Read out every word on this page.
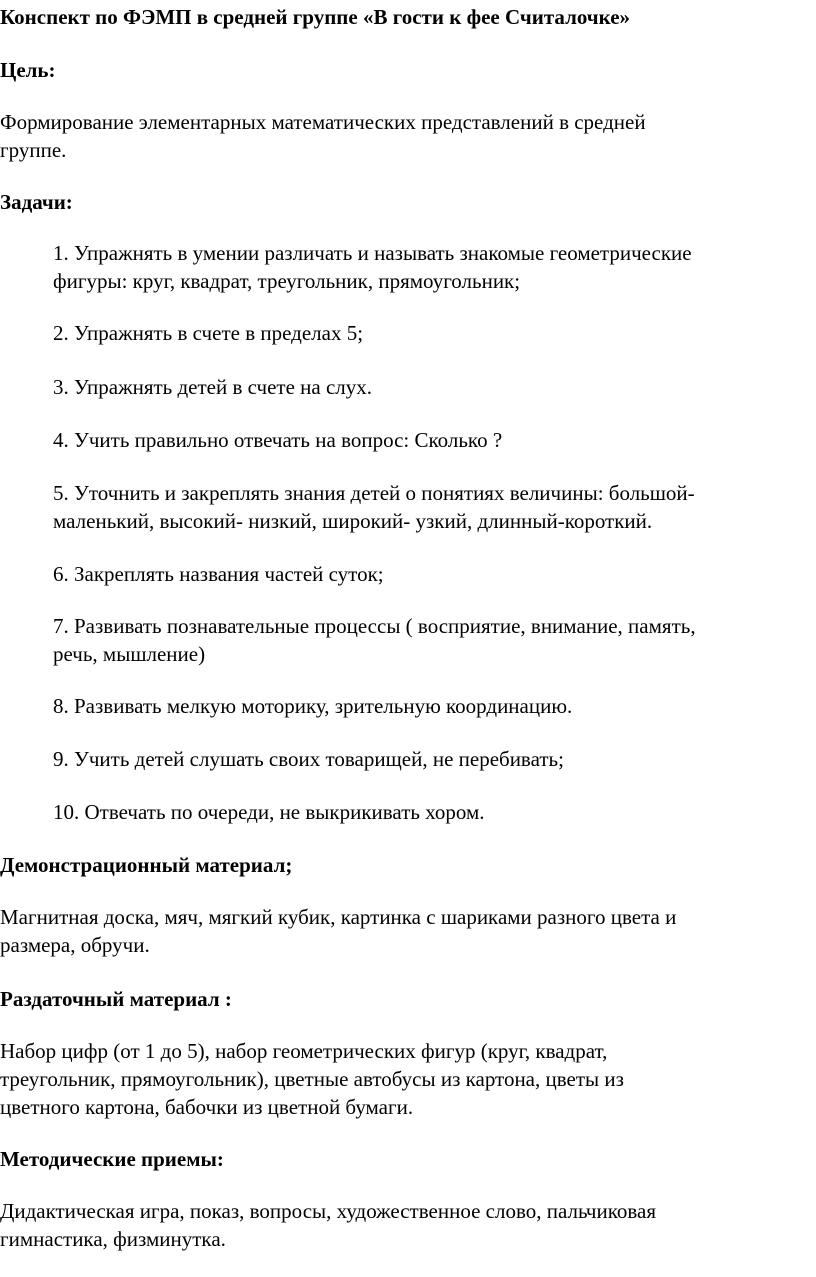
Конспект по ФЭМП в средней группе «В гости к фее Считалочке»
Цель:
Формирование элементарных математических представлений в средней
группе.
Задачи:
1. Упражнять в умении различать и называть знакомые геометрические
фигуры: круг, квадрат, треугольник, прямоугольник;
2. Упражнять в счете в пределах 5;
3. Упражнять детей в счете на слух.
4. Учить правильно отвечать на вопрос: Сколько ?
5. Уточнить и закреплять знания детей о понятиях величины: большой-
маленький, высокий- низкий, широкий- узкий, длинный-короткий.
6. Закреплять названия частей суток;
7. Развивать познавательные процессы ( восприятие, внимание, память,
речь, мышление)
8. Развивать мелкую моторику, зрительную координацию.
9. Учить детей слушать своих товарищей, не перебивать;
10. Отвечать по очереди, не выкрикивать хором.
Демонстрационный материал;
Магнитная доска, мяч, мягкий кубик, картинка с шариками разного цвета и
размера, обручи.
Раздаточный материал :
Набор цифр (от 1 до 5), набор геометрических фигур (круг, квадрат,
треугольник, прямоугольник), цветные автобусы из картона, цветы из
цветного картона, бабочки из цветной бумаги.
Методические приемы:
Дидактическая игра, показ, вопросы, художественное слово, пальчиковая
гимнастика, физминутка.
